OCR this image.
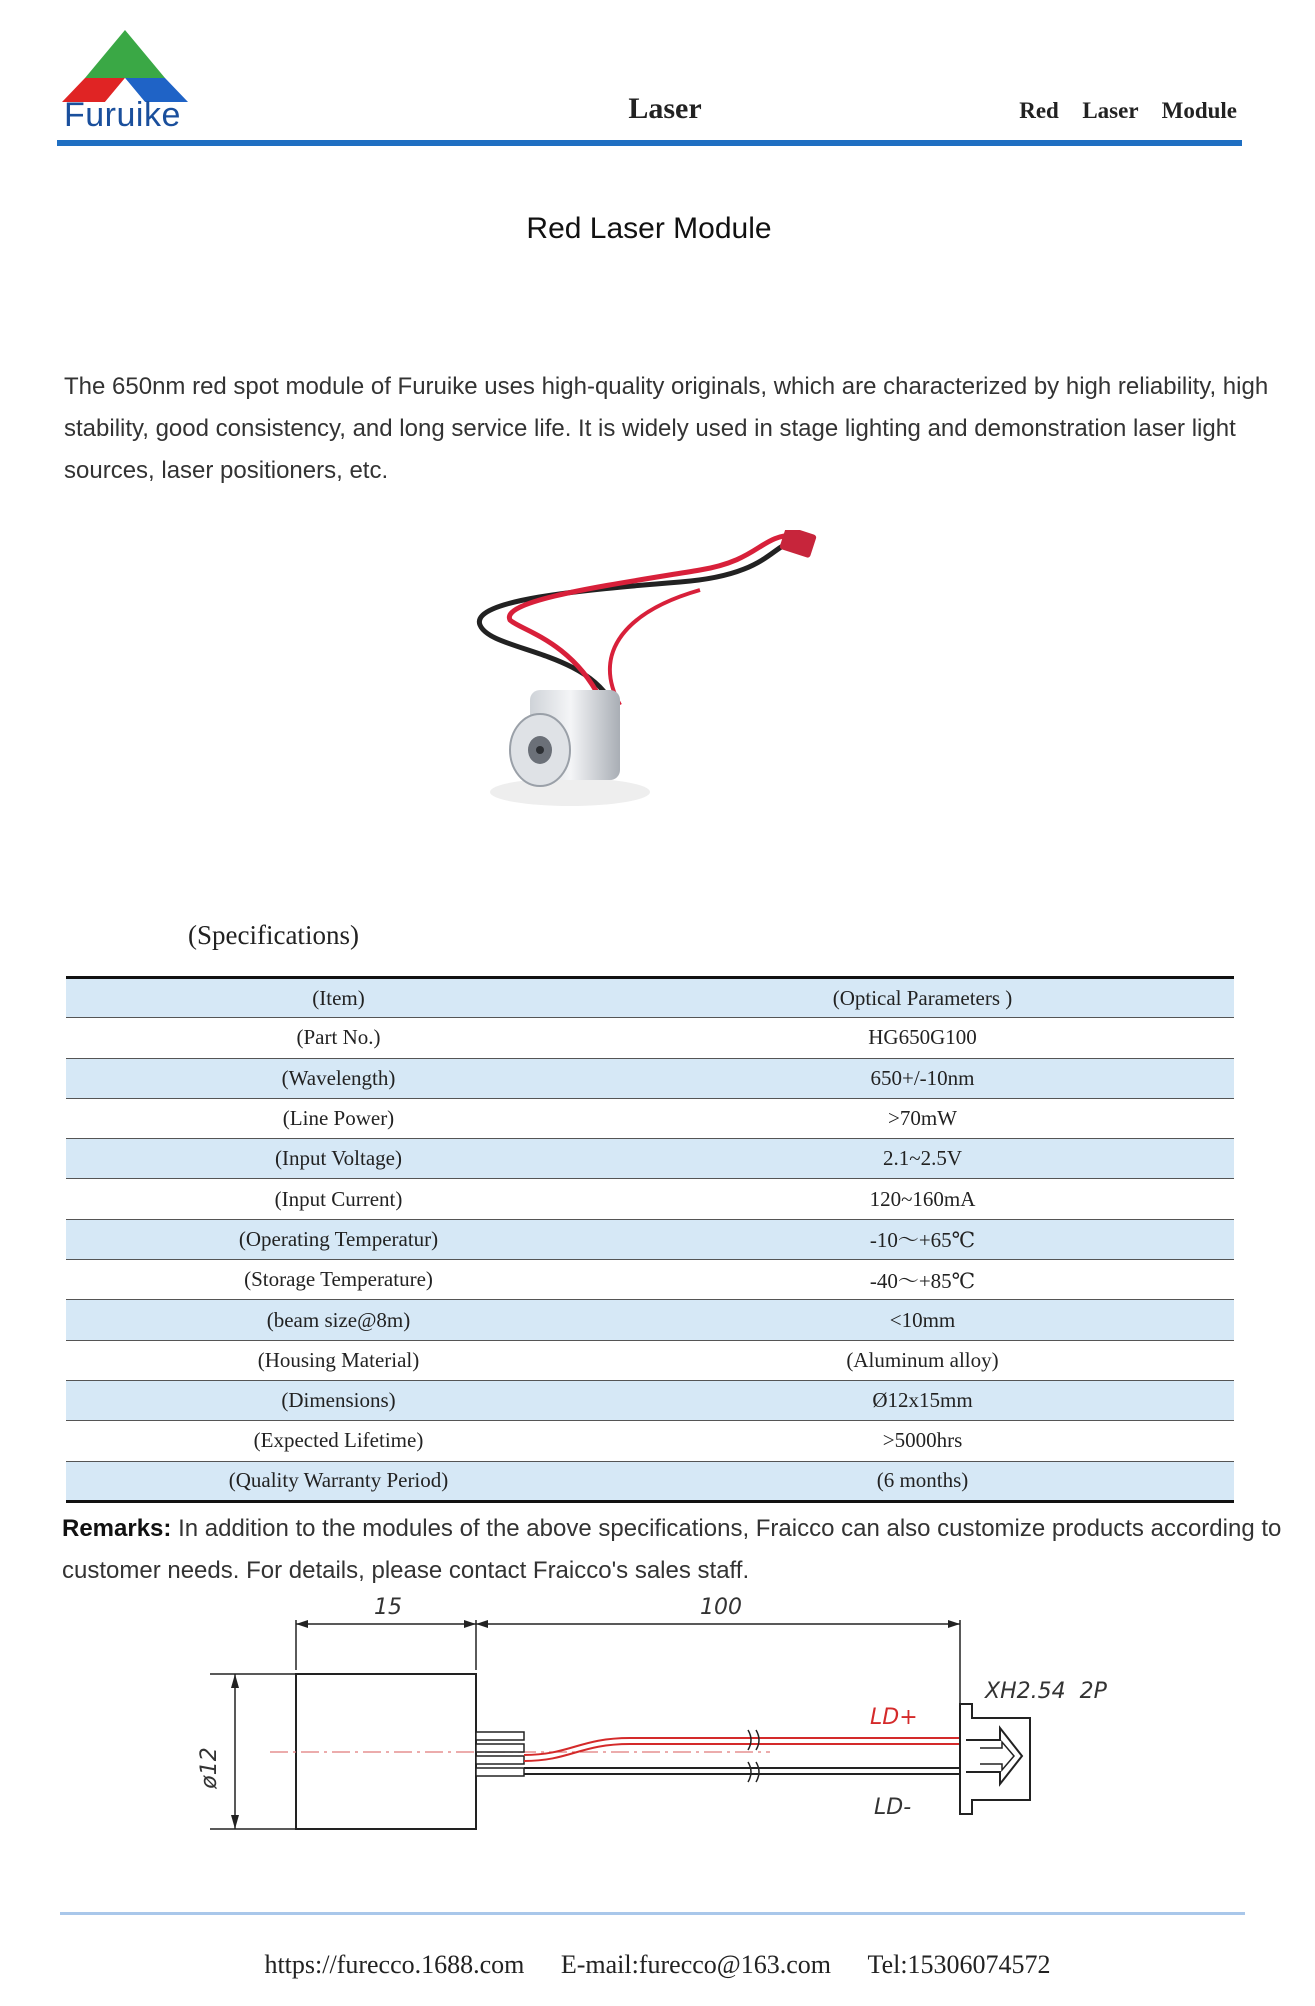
Furuike	Laser	Red  Laser  Module
Red Laser Module

The 650nm red spot module of Furuike uses high-quality originals, which are characterized by high reliability, high stability, good consistency, and long service life. It is widely used in stage lighting and demonstration laser light sources, laser positioners, etc.

(Specifications)
(Item)	(Optical Parameters )
(Part No.)	HG650G100
(Wavelength)	650+/-10nm
(Line Power)	>70mW
(Input Voltage)	2.1~2.5V
(Input Current)	120~160mA
(Operating Temperatur)	-10～+65℃
(Storage Temperature)	-40～+85℃
(beam size@8m)	<10mm
(Housing Material)	(Aluminum alloy)
(Dimensions)	Ø12x15mm
(Expected Lifetime)	>5000hrs
(Quality Warranty Period)	(6 months)

Remarks: In addition to the modules of the above specifications, Fraicco can also customize products according to customer needs. For details, please contact Fraicco's sales staff.

15	100
ø12
LD+
LD-
XH2.54  2P
https://furecco.1688.com E-mail:furecco@163.com Tel:15306074572
